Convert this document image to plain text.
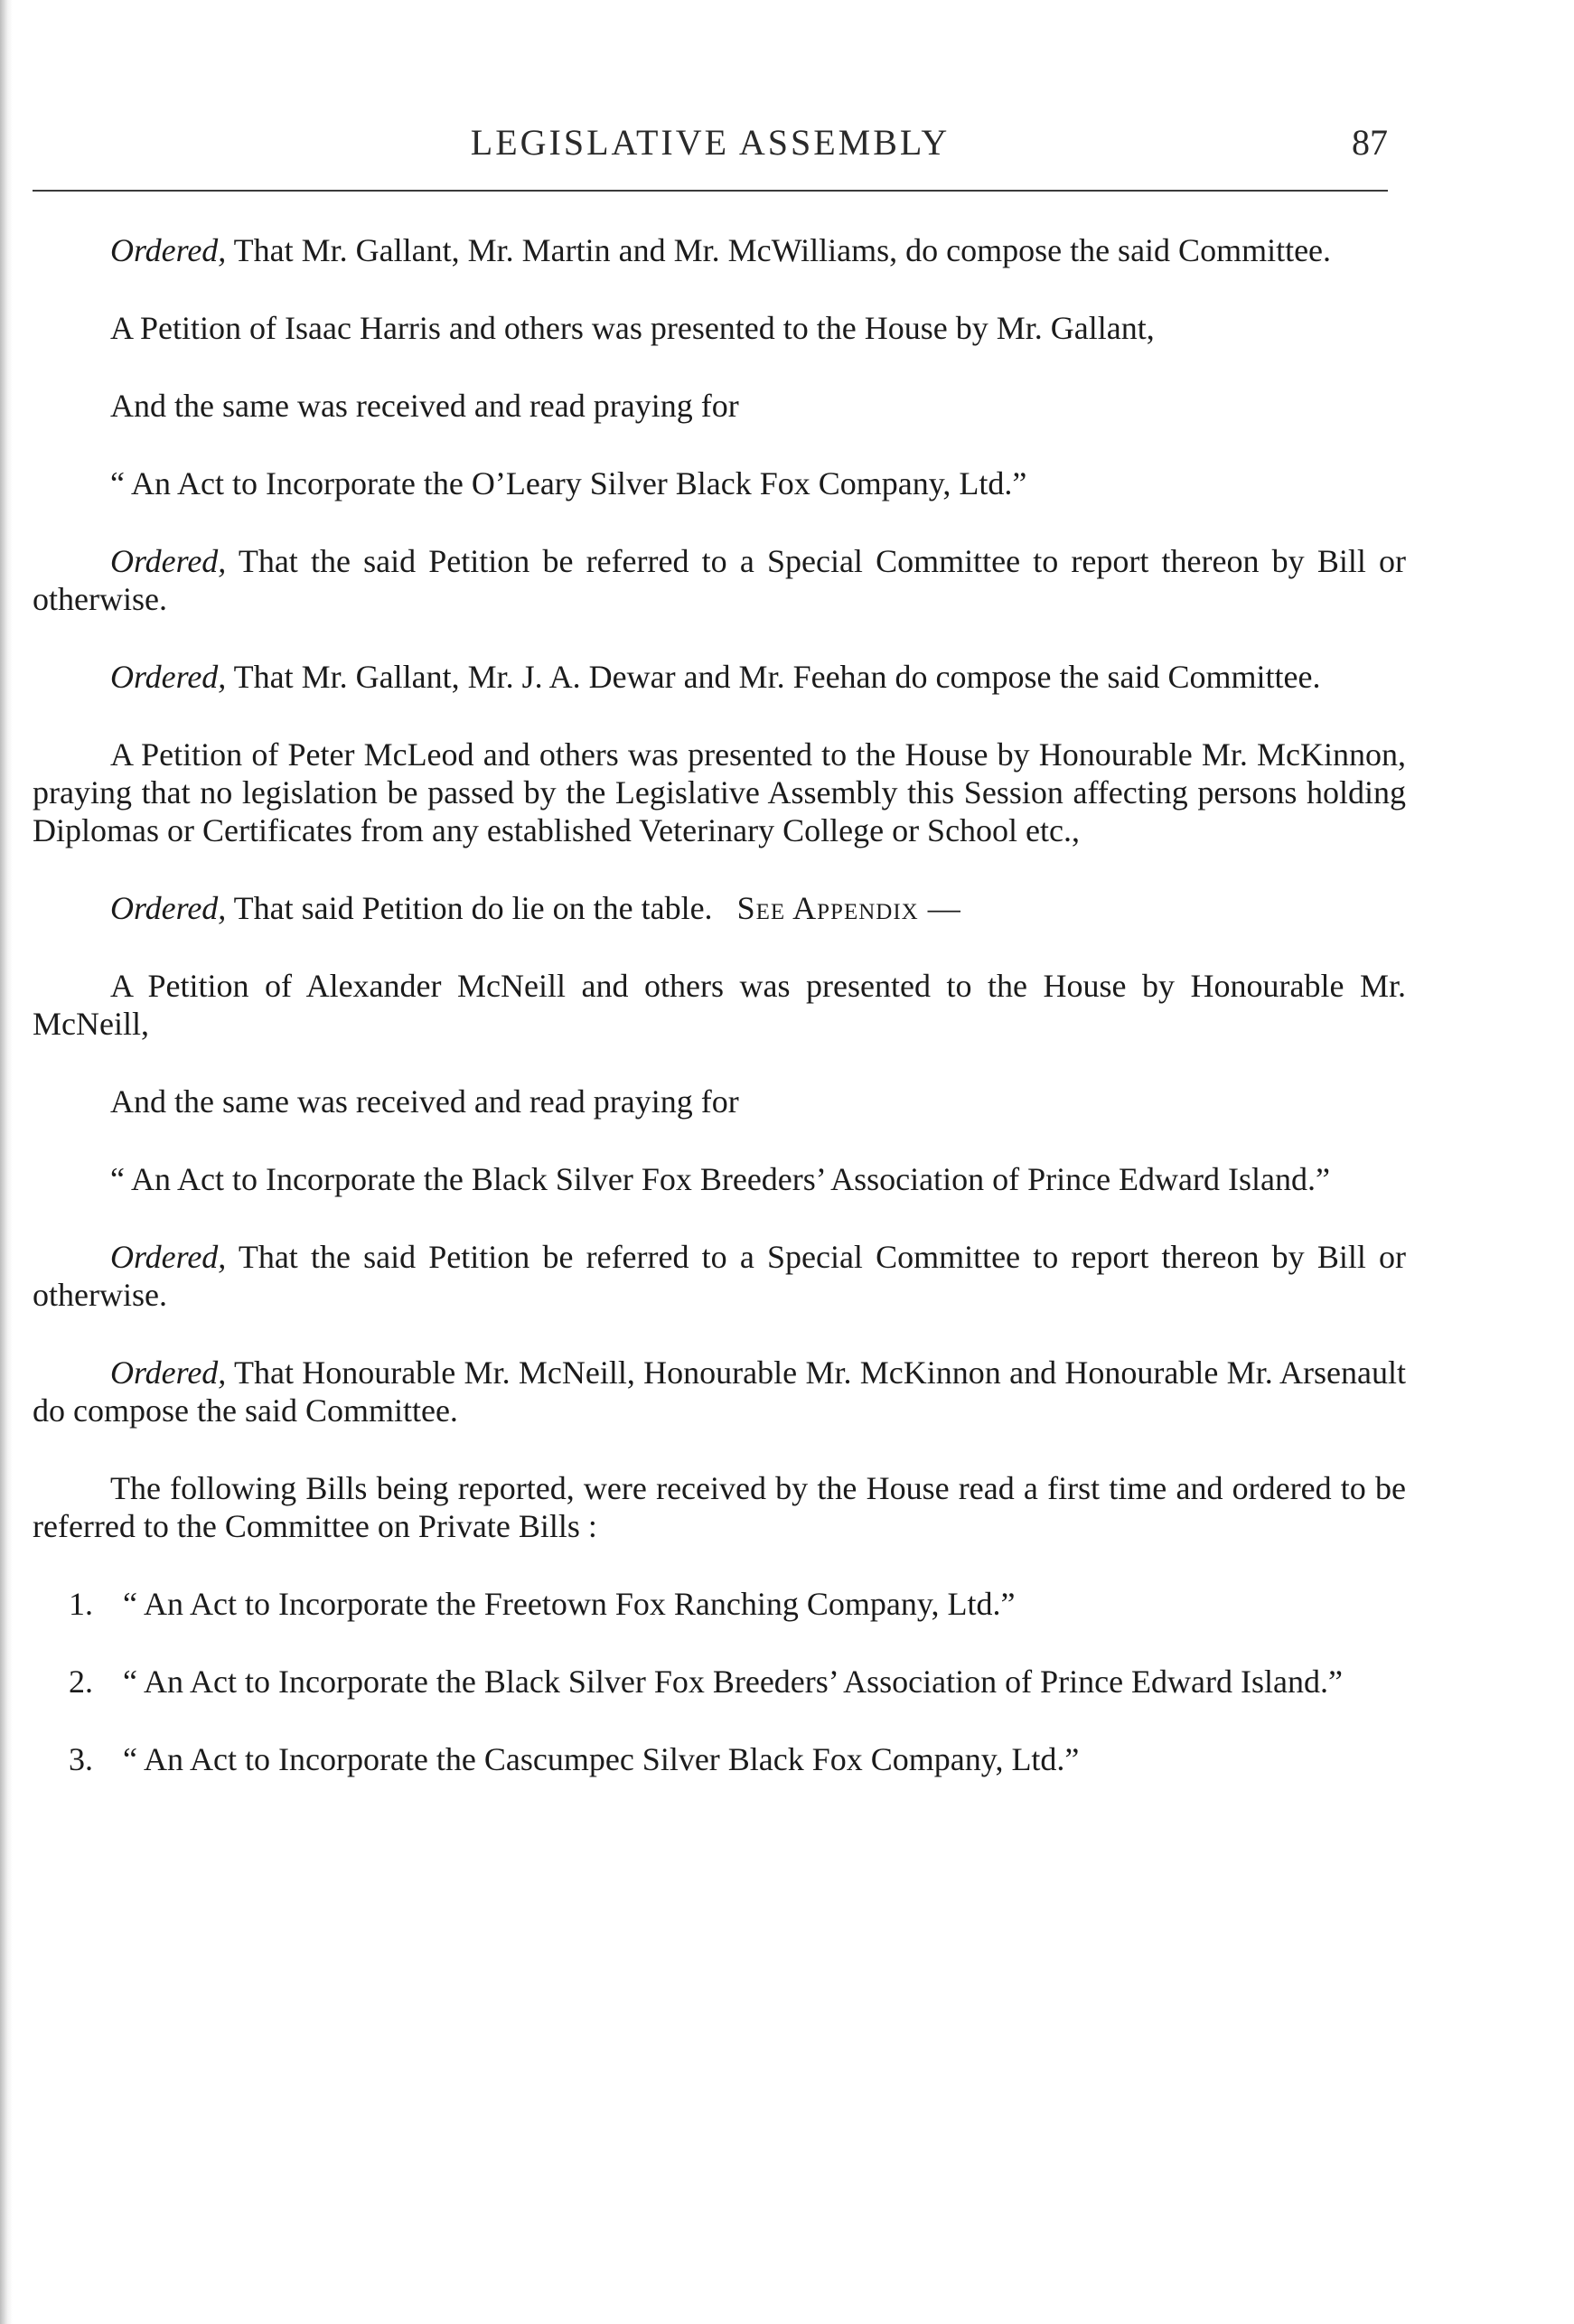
LEGISLATIVE ASSEMBLY	87

Ordered, That Mr. Gallant, Mr. Martin and Mr. McWilliams, do compose the said Committee.

A Petition of Isaac Harris and others was presented to the House by Mr. Gallant,

And the same was received and read praying for

“ An Act to Incorporate the O’Leary Silver Black Fox Company, Ltd.”

Ordered, That the said Petition be referred to a Special Committee to report thereon by Bill or otherwise.

Ordered, That Mr. Gallant, Mr. J. A. Dewar and Mr. Feehan do compose the said Committee.

A Petition of Peter McLeod and others was presented to the House by Honourable Mr. McKinnon, praying that no legislation be passed by the Legislative Assembly this Session affecting persons holding Diplomas or Certificates from any established Veterinary College or School etc.,

Ordered, That said Petition do lie on the table. See Appendix —

A Petition of Alexander McNeill and others was presented to the House by Honourable Mr. McNeill,

And the same was received and read praying for

“ An Act to Incorporate the Black Silver Fox Breeders’ Association of Prince Edward Island.”

Ordered, That the said Petition be referred to a Special Committee to report thereon by Bill or otherwise.

Ordered, That Honourable Mr. McNeill, Honourable Mr. McKinnon and Honourable Mr. Arsenault do compose the said Committee.

The following Bills being reported, were received by the House read a first time and ordered to be referred to the Committee on Private Bills :

1. “ An Act to Incorporate the Freetown Fox Ranching Company, Ltd.”

2. “ An Act to Incorporate the Black Silver Fox Breeders’ Association of Prince Edward Island.”

3. “ An Act to Incorporate the Cascumpec Silver Black Fox Company, Ltd.”
